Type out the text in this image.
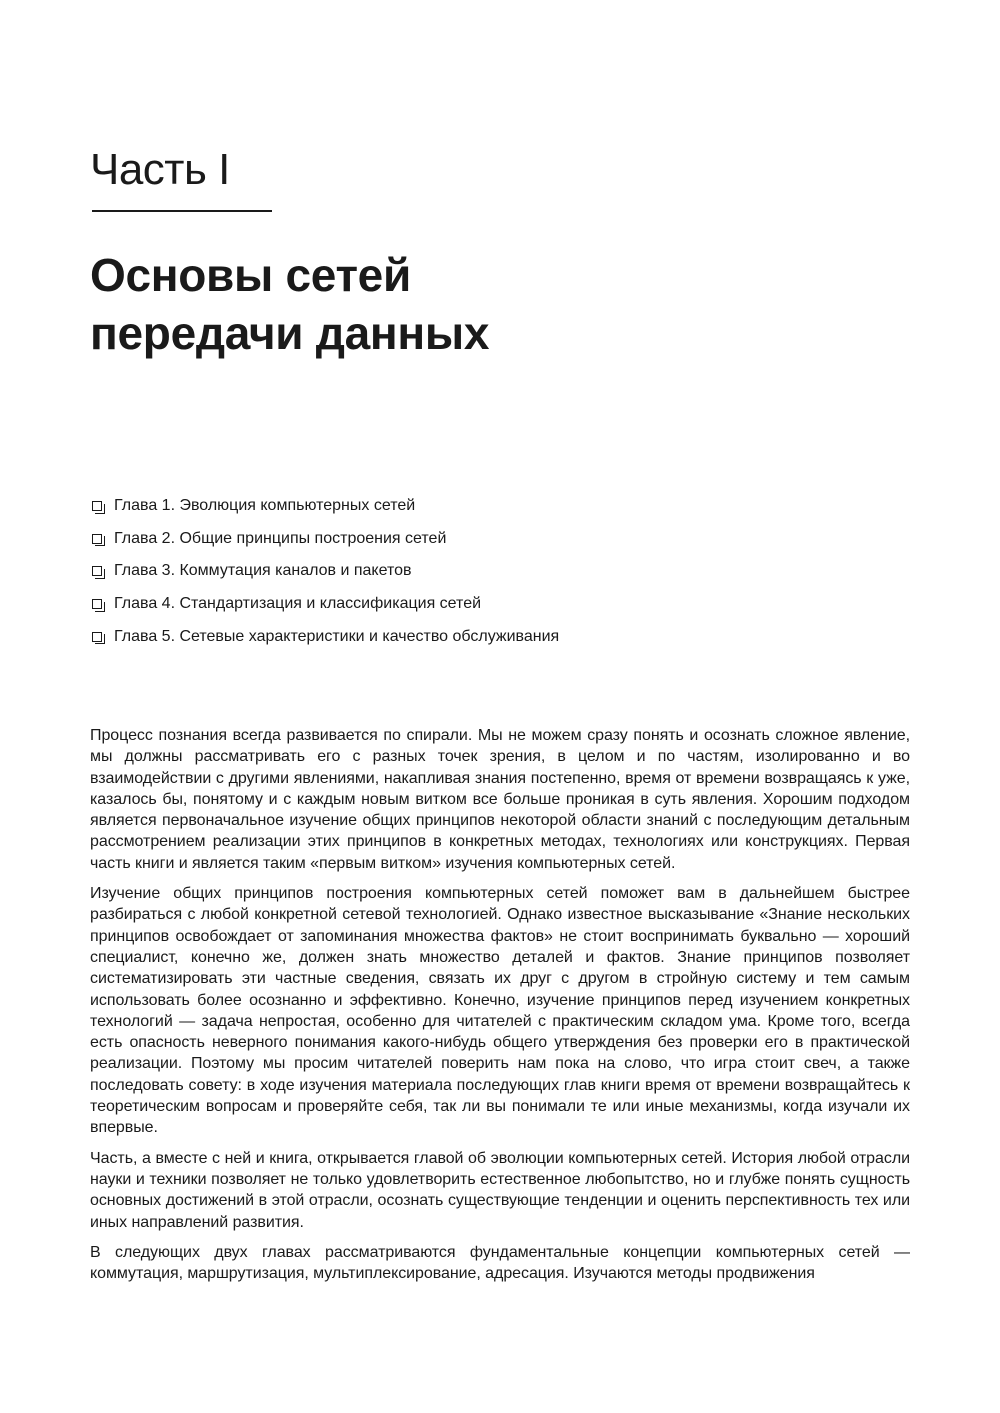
Часть I
Основы сетей
передачи данных
Глава 1. Эволюция компьютерных сетей
Глава 2. Общие принципы построения сетей
Глава 3. Коммутация каналов и пакетов
Глава 4. Стандартизация и классификация сетей
Глава 5. Сетевые характеристики и качество обслуживания

Процесс познания всегда развивается по спирали. Мы не можем сразу понять и осознать сложное явление, мы должны рассматривать его с разных точек зрения, в целом и по частям, изолированно и во взаимодействии с другими явлениями, накапливая знания постепенно, время от времени возвращаясь к уже, казалось бы, понятому и с каждым новым витком все больше проникая в суть явления. Хорошим подходом является первоначальное изучение общих принципов некоторой области знаний с последующим детальным рассмотрением реализации этих принципов в конкретных методах, технологиях или конструкциях. Первая часть книги и является таким «первым витком» изучения компьютерных сетей.

Изучение общих принципов построения компьютерных сетей поможет вам в дальнейшем быстрее разбираться с любой конкретной сетевой технологией. Однако известное высказывание «Знание нескольких принципов освобождает от запоминания множества фактов» не стоит воспринимать буквально — хороший специалист, конечно же, должен знать множество деталей и фактов. Знание принципов позволяет систематизировать эти частные сведения, связать их друг с другом в стройную систему и тем самым использовать более осознанно и эффективно. Конечно, изучение принципов перед изучением конкретных технологий — задача непростая, особенно для читателей с практическим складом ума. Кроме того, всегда есть опасность неверного понимания какого-нибудь общего утверждения без проверки его в практической реализации. Поэтому мы просим читателей поверить нам пока на слово, что игра стоит свеч, а также последовать совету: в ходе изучения материала последующих глав книги время от времени возвращайтесь к теоретическим вопросам и проверяйте себя, так ли вы понимали те или иные механизмы, когда изучали их впервые.

Часть, а вместе с ней и книга, открывается главой об эволюции компьютерных сетей. История любой отрасли науки и техники позволяет не только удовлетворить естественное любопытство, но и глубже понять сущность основных достижений в этой отрасли, осознать существующие тенденции и оценить перспективность тех или иных направлений развития.

В следующих двух главах рассматриваются фундаментальные концепции компьютерных сетей — коммутация, маршрутизация, мультиплексирование, адресация. Изучаются методы продвижения
